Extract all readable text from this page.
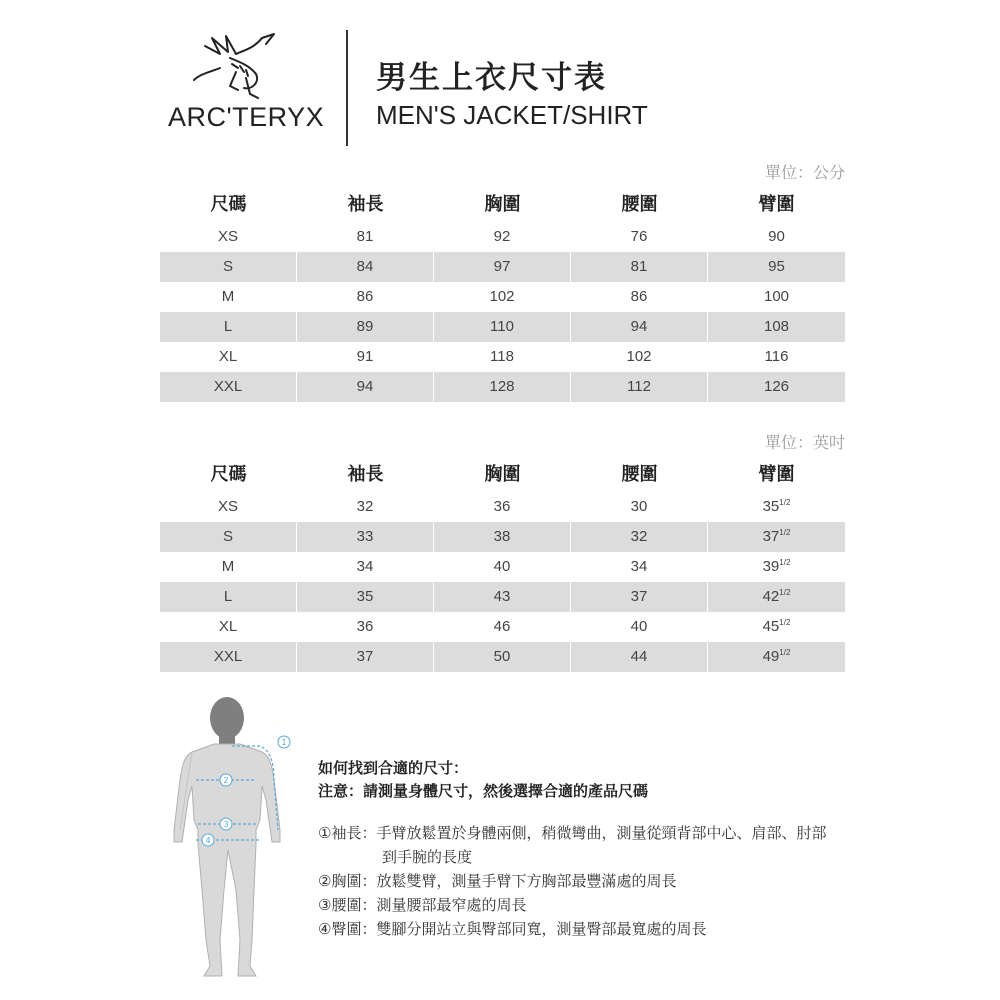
ARC'TERYX
男生上衣尺寸表
MEN'S JACKET/SHIRT
單位：公分
尺碼	袖長	胸圍	腰圍	臂圍
XS	81	92	76	90
S	84	97	81	95
M	86	102	86	100
L	89	110	94	108
XL	91	118	102	116
XXL	94	128	112	126
單位：英吋
尺碼	袖長	胸圍	腰圍	臂圍
XS	32	36	30	$35^{1/2}$
S	33	38	32	$37^{1/2}$
M	34	40	34	$39^{1/2}$
L	35	43	37	$42^{1/2}$
XL	36	46	40	$45^{1/2}$
XXL	37	50	44	$49^{1/2}$
1
2
3
4
如何找到合適的尺寸：
注意：請測量身體尺寸，然後選擇合適的產品尺碼
①袖長：手臂放鬆置於身體兩側，稍微彎曲，測量從頸背部中心、肩部、肘部
到手腕的長度
②胸圍：放鬆雙臂，測量手臂下方胸部最豐滿處的周長
③腰圍：測量腰部最窄處的周長
④臀圍：雙腳分開站立與臀部同寬，測量臀部最寬處的周長
